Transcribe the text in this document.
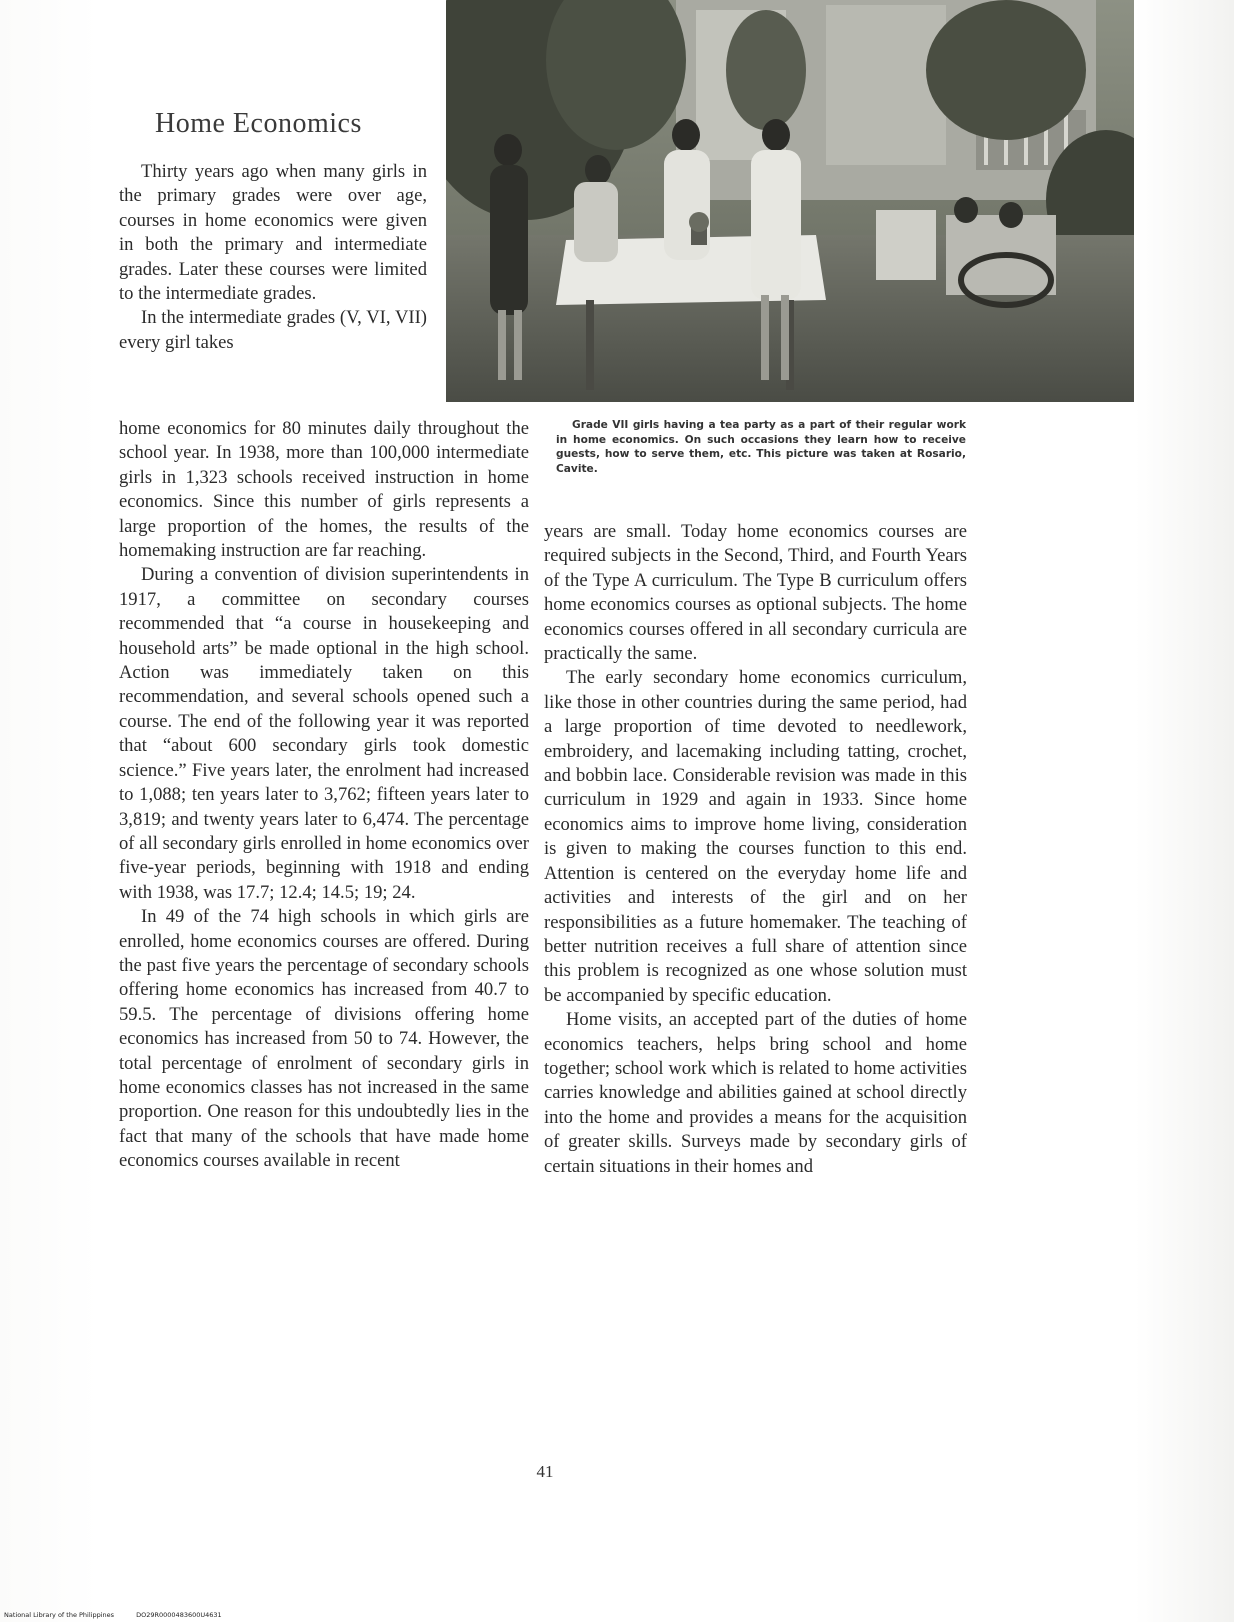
Home Economics

Thirty years ago when many girls in the primary grades were over age, courses in home economics were given in both the primary and intermediate grades. Later these courses were limited to the intermediate grades.

In the intermediate grades (V, VI, VII) every girl takes

Grade VII girls having a tea party as a part of their regular work in home economics. On such occasions they learn how to receive guests, how to serve them, etc. This picture was taken at Rosario, Cavite.

home economics for 80 minutes daily throughout the school year. In 1938, more than 100,000 intermediate girls in 1,323 schools received instruction in home economics. Since this number of girls represents a large proportion of the homes, the results of the homemaking instruction are far reaching.

During a convention of division superintendents in 1917, a committee on secondary courses recommended that “a course in housekeeping and household arts” be made optional in the high school. Action was immediately taken on this recommendation, and several schools opened such a course. The end of the following year it was reported that “about 600 secondary girls took domestic science.” Five years later, the enrolment had increased to 1,088; ten years later to 3,762; fifteen years later to 3,819; and twenty years later to 6,474. The percentage of all secondary girls enrolled in home economics over five-year periods, beginning with 1918 and ending with 1938, was 17.7; 12.4; 14.5; 19; 24.

In 49 of the 74 high schools in which girls are enrolled, home economics courses are offered. During the past five years the percentage of secondary schools offering home economics has increased from 40.7 to 59.5. The percentage of divisions offering home economics has increased from 50 to 74. However, the total percentage of enrolment of secondary girls in home economics classes has not increased in the same proportion. One reason for this undoubtedly lies in the fact that many of the schools that have made home economics courses available in recent

years are small. Today home economics courses are required subjects in the Second, Third, and Fourth Years of the Type A curriculum. The Type B curriculum offers home economics courses as optional subjects. The home economics courses offered in all secondary curricula are practically the same.

The early secondary home economics curriculum, like those in other countries during the same period, had a large proportion of time devoted to needlework, embroidery, and lacemaking including tatting, crochet, and bobbin lace. Considerable revision was made in this curriculum in 1929 and again in 1933. Since home economics aims to improve home living, consideration is given to making the courses function to this end. Attention is centered on the everyday home life and activities and interests of the girl and on her responsibilities as a future homemaker. The teaching of better nutrition receives a full share of attention since this problem is recognized as one whose solution must be accompanied by specific education.

Home visits, an accepted part of the duties of home economics teachers, helps bring school and home together; school work which is related to home activities carries knowledge and abilities gained at school directly into the home and provides a means for the acquisition of greater skills. Surveys made by secondary girls of certain situations in their homes and

41
National Library of the Philippines	DO29R0000483600U4631
